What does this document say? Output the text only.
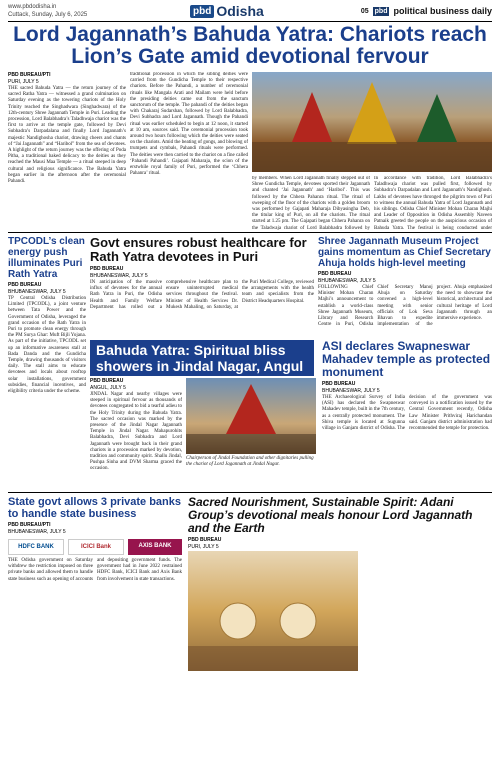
www.pbdodisha.in
Cuttack, Sunday, July 6, 2025	pbd Odisha	05 pbd political business daily
Lord Jagannath’s Bahuda Yatra: Chariots reach Lion’s Gate amid devotional fervour
PBD BUREAU/PTI
PURI, JULY 5
THE sacred Bahuda Yatra — the return journey of the sacred Ratha Yatra — witnessed a grand culmination on Saturday evening as the towering chariots of the Holy Trinity reached the Singhadwara (Singhadwara) of the 12th-century Shree Jagannath Temple in Puri. Leading the procession, Lord Balabhadra’s Taladhwaja chariot was the first to arrive at the temple gate, followed by Devi Subhadra’s Darpadalana and finally Lord Jagannath’s majestic Nandighosha chariot, drawing cheers and chants of “Jai Jagannath” and “Haribol” from the sea of devotees. A highlight of the return journey was the offering of Poda Pitha, a traditional baked delicacy to the deities as they reached the Mausi Maa Temple — a ritual steeped in deep cultural and religious significance. The Bahuda Yatra began earlier in the afternoon after the ceremonial Pahandi.
traditional procession in which the sibling deities were carried from the Gundicha Temple to their respective chariots. Before the Pahandi, a number of ceremonial rituals like Mangala Arati and Mailam were held before the presiding deities came out from the sanctum sanctorum of the temple. The pahandi of the deities began with Chakaraj Sudarshan, followed by Lord Balabhadra, Devi Subhadra and Lord Jagannath. Though the Pahandi ritual was earlier scheduled to begin at 12 noon, it started at 10 am, sources said. The ceremonial procession took around two hours following which the deities were seated on the chariots. Amid the beating of gongs, and blowing of trumpets and cymbals, Pahandi rituals were performed. The deities were then carried to the chariot on a fine called ‘Pahandi Pahandi’. Gajapati Maharaja, the scion of the erstwhile royal family of Puri, performed the ‘Chhera Pahanra’ ritual.
by members. When Lord Jagannath finally stepped out of Shree Gundicha Temple, devotees sported their Jagannath and chanted ‘Jai Jagannath’ and ‘Haribol’. This was followed by the Chhera Pahanra ritual. The ritual of sweeping of the floor of the chariots with a golden broom was performed by Gajapati Maharaja Dibyasingha Deb, the titular king of Puri, on all the chariots. The ritual started at 1.25 pm. The Gajapati began Chhera Pahanra on the Taladwaja chariot of Lord Balabhadra followed by
In accordance with tradition, Lord Balabhadra’s Taladhwaja chariot was pulled first, followed by Subhadra’s Darpadalan and Lord Jagannath’s Nandighosh. Lakhs of devotees have thronged the pilgrim town of Puri to witness the annual Bahuda Yatra of Lord Jagannath and his siblings. Odisha Chief Minister Mohan Charan Majhi and Leader of Opposition in Odisha Assembly Naveen Patnaik greeted the people on the auspicious occasion of Bahuda Yatra. The festival is being conducted under
TPCODL’s clean energy push illuminates Puri Rath Yatra
PBD BUREAU
BHUBANESWAR, JULY 5
TP Central Odisha Distribution Limited (TPCODL), a joint venture between Tata Power and the Government of Odisha, leveraged the grand occasion of the Rath Yatra in Puri to promote clean energy through the PM Surya Ghar: Muft Bijli Yojana. As part of the initiative, TPCODL set up an informative awareness stall at Bada Danda and the Gundicha Temple, drawing thousands of visitors daily. The stall aims to educate devotees and locals about rooftop solar installations, government subsidies, financial incentives, and eligibility criteria under the scheme.
Govt ensures robust healthcare for Rath Yatra devotees in Puri
PBD BUREAU
BHUBANESWAR, JULY 5
IN anticipation of the massive influx of devotees for the annual Rath Yatra in Puri, the Odisha Health and Family Welfare Department has rolled out a comprehensive healthcare plan to ensure uninterrupted medical services throughout the festival. Minister of Health Services Dr. Mukesh Mahaling, on Saturday, at the Puri Medical College, reviewed the arrangements with the health team and specialists from the District Headquarters Hospital.
Shree Jagannath Museum Project gains momentum as Chief Secretary Ahuja holds high-level meeting
PBD BUREAU
BHUBANESWAR, JULY 5
FOLLOWING Chief Minister Mohan Charan Majhi’s announcement to establish a world-class Shree Jagannath Museum, Library and Research Centre in Puri, Odisha Chief Secretary Manoj Ahuja on Saturday convened a high-level meeting with senior officials of Lok Seva Bhavan to expedite implementation of the project. Ahuja emphasized the need to showcase the historical, architectural and cultural heritage of Lord Jagannath through an immersive experience.
Bahuda Yatra: Spiritual bliss showers in Jindal Nagar, Angul
PBD BUREAU
ANGUL, JULY 5
JINDAL Nagar and nearby villages were steeped in spiritual fervour as thousands of devotees congregated to bid a tearful adieu to the Holy Trinity during the Bahuda Yatra. The sacred occasion was marked by the presence of the Jindal Nagar Jagannath Temple in Jindal Nagar. Mahapurohits Balabhadra, Devi Subhadra and Lord Jagannath were brought back in their grand chariots in a procession marked by devotion, tradition and community spirit. Shallu Jindal, Pushpa Sinha and DVM Sharma graced the occasion.
Chairperson of Jindal Foundation and other dignitaries pulling the chariot of Lord Jagannath at Jindal Nagar.
ASI declares Swapneswar Mahadev temple as protected monument
PBD BUREAU
BHUBANESWAR, JULY 5
THE Archaeological Survey of India (ASI) has declared the Swapneswar Mahadev temple, built in the 7th century, as a centrally protected monument. The Shiva temple is located at Sugunna village in Ganjam district of Odisha. The decision of the government was conveyed in a notification issued by the Central Government recently, Odisha Law Minister Prithviraj Harichandan said. Ganjam district administration had recommended the temple for protection.
State govt allows 3 private banks to handle state business
PBD BUREAU/PTI
BHUBANESWAR, JULY 5
HDFC BANK	ICICI Bank	AXIS BANK
THE Odisha government on Saturday withdrew the restriction imposed on three private banks and allowed them to handle state business such as opening of accounts and depositing government funds. The government had in June 2022 restrained HDFC Bank, ICICI Bank and Axis Bank from involvement in state transactions.
Sacred Nourishment, Sustainable Spirit: Adani Group’s devotional meals honour Lord Jagannath and the Earth
PBD BUREAU
PURI, JULY 5
